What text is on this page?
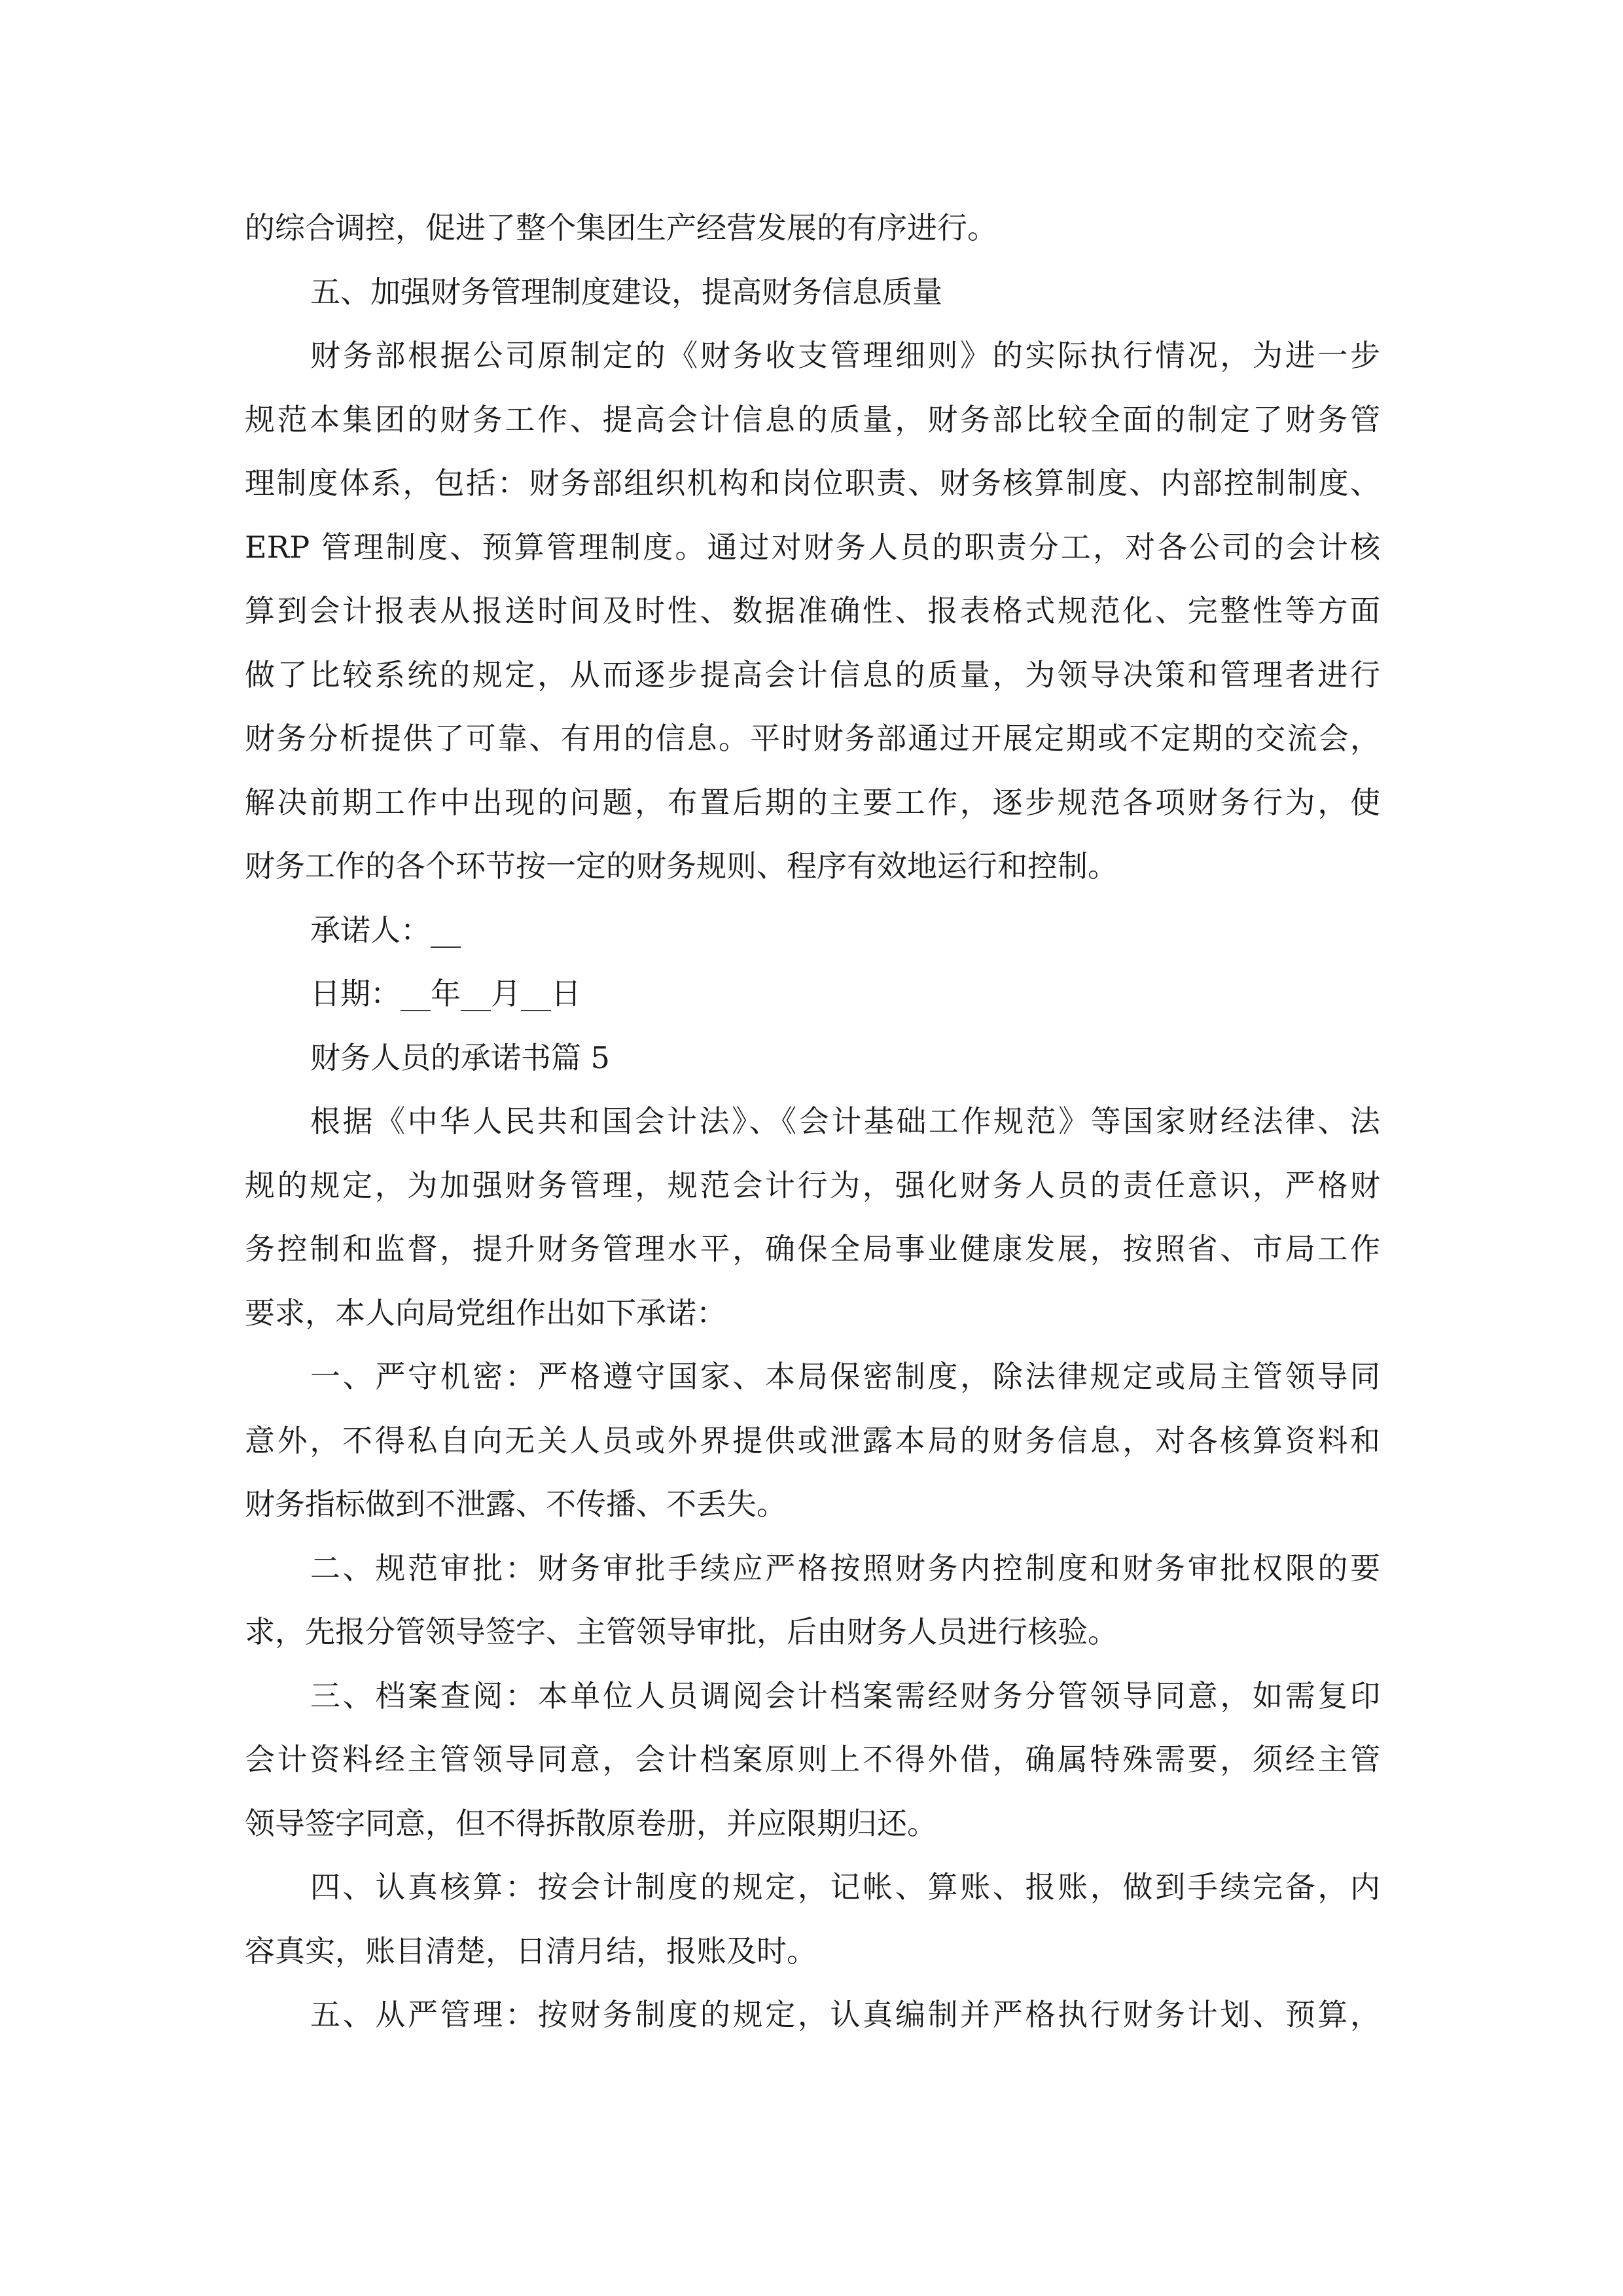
的综合调控，促进了整个集团生产经营发展的有序进行。
五、加强财务管理制度建设，提高财务信息质量
财务部根据公司原制定的《财务收支管理细则》的实际执行情况，为进一步
规范本集团的财务工作、提高会计信息的质量，财务部比较全面的制定了财务管
理制度体系，包括：财务部组织机构和岗位职责、财务核算制度、内部控制制度、
ERP 管理制度、预算管理制度。通过对财务人员的职责分工，对各公司的会计核
算到会计报表从报送时间及时性、数据准确性、报表格式规范化、完整性等方面
做了比较系统的规定，从而逐步提高会计信息的质量，为领导决策和管理者进行
财务分析提供了可靠、有用的信息。平时财务部通过开展定期或不定期的交流会，
解决前期工作中出现的问题，布置后期的主要工作，逐步规范各项财务行为，使
财务工作的各个环节按一定的财务规则、程序有效地运行和控制。
承诺人：__
日期：__年__月__日
财务人员的承诺书篇 5
根据《中华人民共和国会计法》、《会计基础工作规范》等国家财经法律、法
规的规定，为加强财务管理，规范会计行为，强化财务人员的责任意识，严格财
务控制和监督，提升财务管理水平，确保全局事业健康发展，按照省、市局工作
要求，本人向局党组作出如下承诺：
一、严守机密：严格遵守国家、本局保密制度，除法律规定或局主管领导同
意外，不得私自向无关人员或外界提供或泄露本局的财务信息，对各核算资料和
财务指标做到不泄露、不传播、不丢失。
二、规范审批：财务审批手续应严格按照财务内控制度和财务审批权限的要
求，先报分管领导签字、主管领导审批，后由财务人员进行核验。
三、档案查阅：本单位人员调阅会计档案需经财务分管领导同意，如需复印
会计资料经主管领导同意，会计档案原则上不得外借，确属特殊需要，须经主管
领导签字同意，但不得拆散原卷册，并应限期归还。
四、认真核算：按会计制度的规定，记帐、算账、报账，做到手续完备，内
容真实，账目清楚，日清月结，报账及时。
五、从严管理：按财务制度的规定，认真编制并严格执行财务计划、预算，
